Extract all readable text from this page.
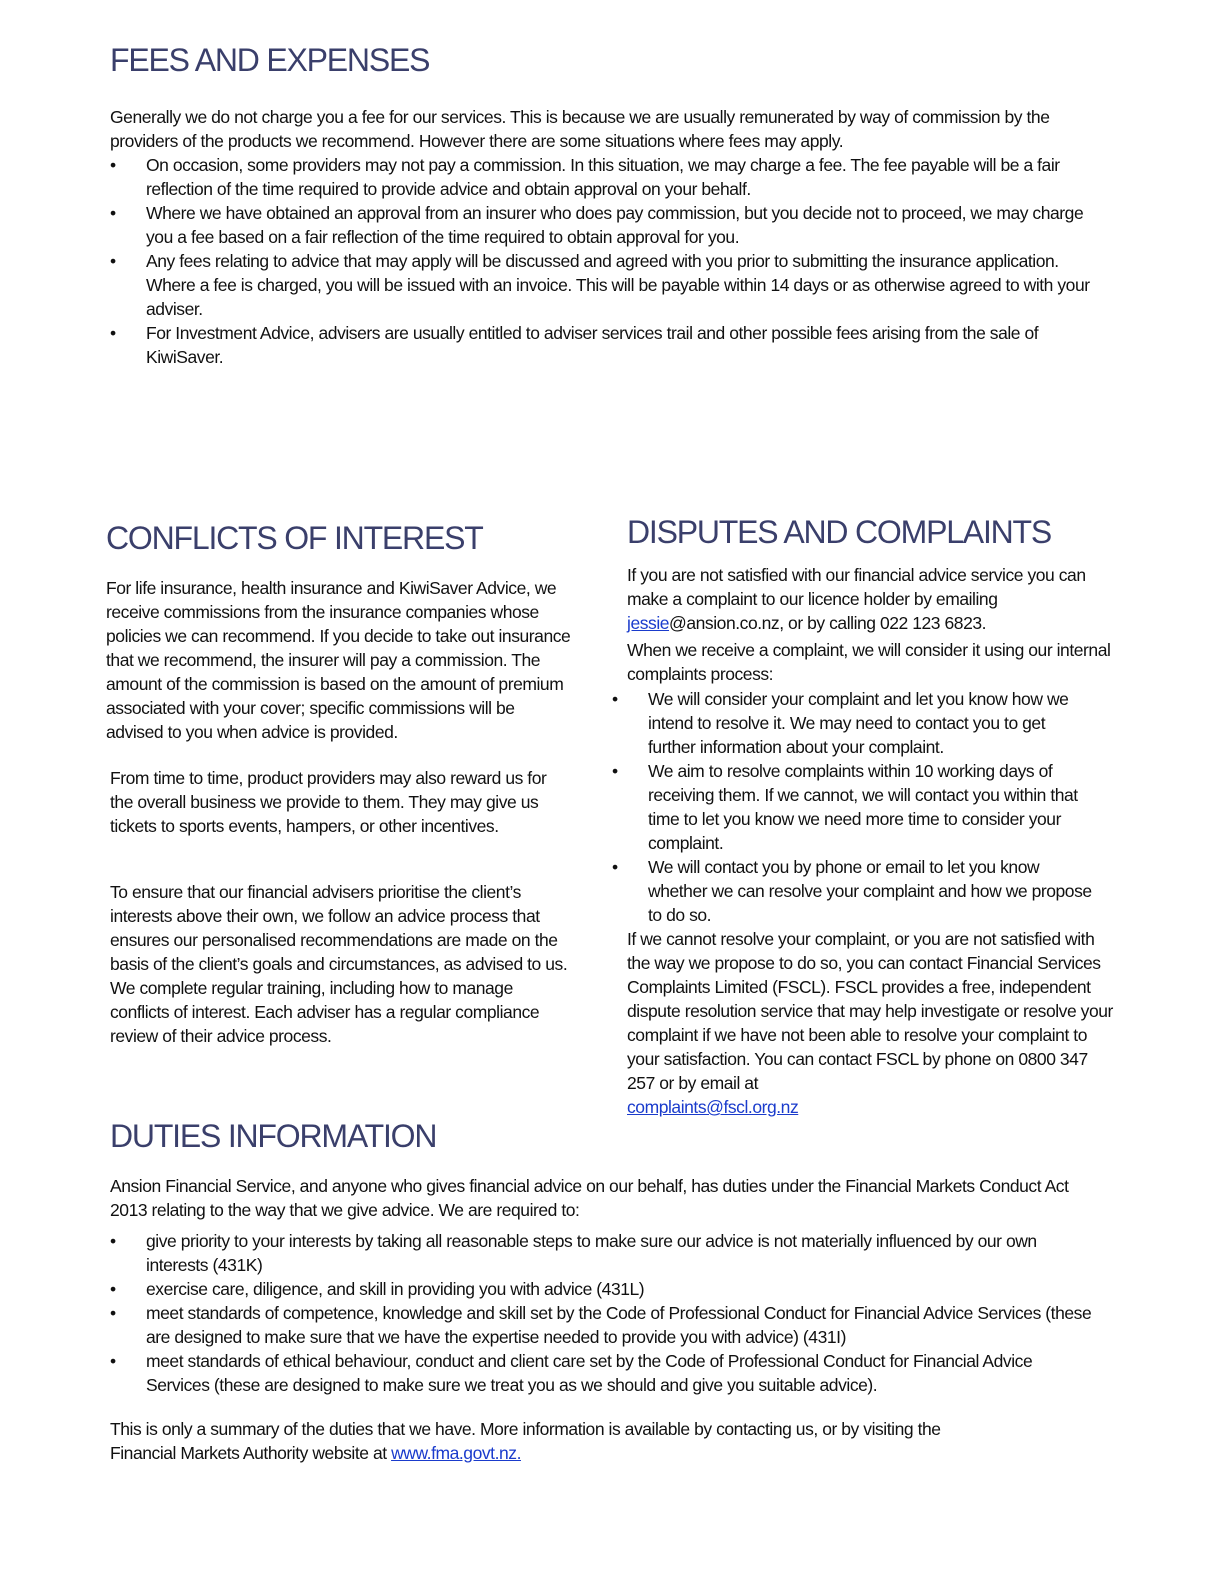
FEES AND EXPENSES

Generally we do not charge you a fee for our services. This is because we are usually remunerated by way of commission by the providers of the products we recommend. However there are some situations where fees may apply.

• On occasion, some providers may not pay a commission. In this situation, we may charge a fee. The fee payable will be a fair reflection of the time required to provide advice and obtain approval on your behalf.
• Where we have obtained an approval from an insurer who does pay commission, but you decide not to proceed, we may charge you a fee based on a fair reflection of the time required to obtain approval for you.
• Any fees relating to advice that may apply will be discussed and agreed with you prior to submitting the insurance application. Where a fee is charged, you will be issued with an invoice. This will be payable within 14 days or as otherwise agreed to with your adviser.
• For Investment Advice, advisers are usually entitled to adviser services trail and other possible fees arising from the sale of KiwiSaver.
CONFLICTS OF INTEREST

For life insurance, health insurance and KiwiSaver Advice, we receive commissions from the insurance companies whose policies we can recommend. If you decide to take out insurance that we recommend, the insurer will pay a commission. The amount of the commission is based on the amount of premium associated with your cover; specific commissions will be advised to you when advice is provided.

From time to time, product providers may also reward us for the overall business we provide to them. They may give us tickets to sports events, hampers, or other incentives.

To ensure that our financial advisers prioritise the client’s interests above their own, we follow an advice process that ensures our personalised recommendations are made on the basis of the client’s goals and circumstances, as advised to us. We complete regular training, including how to manage conflicts of interest. Each adviser has a regular compliance review of their advice process.

DISPUTES AND COMPLAINTS

If you are not satisfied with our financial advice service you can make a complaint to our licence holder by emailing jessie@ansion.co.nz, or by calling 022 123 6823.

When we receive a complaint, we will consider it using our internal complaints process:

• We will consider your complaint and let you know how we intend to resolve it. We may need to contact you to get further information about your complaint.
• We aim to resolve complaints within 10 working days of receiving them. If we cannot, we will contact you within that time to let you know we need more time to consider your complaint.
• We will contact you by phone or email to let you know whether we can resolve your complaint and how we propose to do so.

If we cannot resolve your complaint, or you are not satisfied with the way we propose to do so, you can contact Financial Services Complaints Limited (FSCL). FSCL provides a free, independent dispute resolution service that may help investigate or resolve your complaint if we have not been able to resolve your complaint to your satisfaction. You can contact FSCL by phone on 0800 347 257 or by email at
complaints@fscl.org.nz

DUTIES INFORMATION

Ansion Financial Service, and anyone who gives financial advice on our behalf, has duties under the Financial Markets Conduct Act 2013 relating to the way that we give advice. We are required to:

• give priority to your interests by taking all reasonable steps to make sure our advice is not materially influenced by our own interests (431K)
• exercise care, diligence, and skill in providing you with advice (431L)
• meet standards of competence, knowledge and skill set by the Code of Professional Conduct for Financial Advice Services (these are designed to make sure that we have the expertise needed to provide you with advice) (431I)
• meet standards of ethical behaviour, conduct and client care set by the Code of Professional Conduct for Financial Advice Services (these are designed to make sure we treat you as we should and give you suitable advice).

This is only a summary of the duties that we have. More information is available by contacting us, or by visiting the Financial Markets Authority website at www.fma.govt.nz.
